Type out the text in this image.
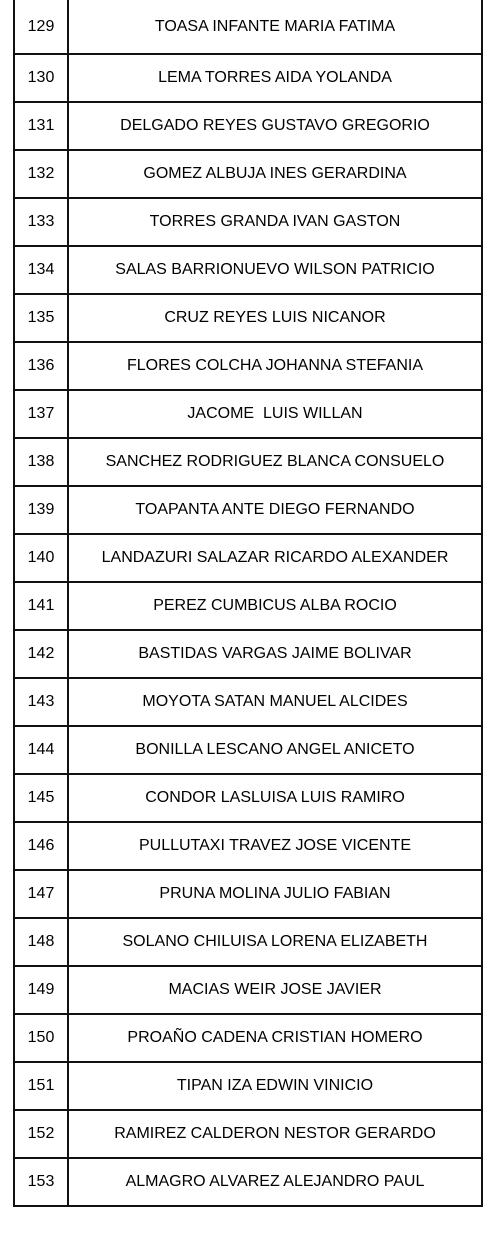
129	TOASA INFANTE MARIA FATIMA
130	LEMA TORRES AIDA YOLANDA
131	DELGADO REYES GUSTAVO GREGORIO
132	GOMEZ ALBUJA INES GERARDINA
133	TORRES GRANDA IVAN GASTON
134	SALAS BARRIONUEVO WILSON PATRICIO
135	CRUZ REYES LUIS NICANOR
136	FLORES COLCHA JOHANNA STEFANIA
137	JACOME  LUIS WILLAN
138	SANCHEZ RODRIGUEZ BLANCA CONSUELO
139	TOAPANTA ANTE DIEGO FERNANDO
140	LANDAZURI SALAZAR RICARDO ALEXANDER
141	PEREZ CUMBICUS ALBA ROCIO
142	BASTIDAS VARGAS JAIME BOLIVAR
143	MOYOTA SATAN MANUEL ALCIDES
144	BONILLA LESCANO ANGEL ANICETO
145	CONDOR LASLUISA LUIS RAMIRO
146	PULLUTAXI TRAVEZ JOSE VICENTE
147	PRUNA MOLINA JULIO FABIAN
148	SOLANO CHILUISA LORENA ELIZABETH
149	MACIAS WEIR JOSE JAVIER
150	PROAÑO CADENA CRISTIAN HOMERO
151	TIPAN IZA EDWIN VINICIO
152	RAMIREZ CALDERON NESTOR GERARDO
153	ALMAGRO ALVAREZ ALEJANDRO PAUL
